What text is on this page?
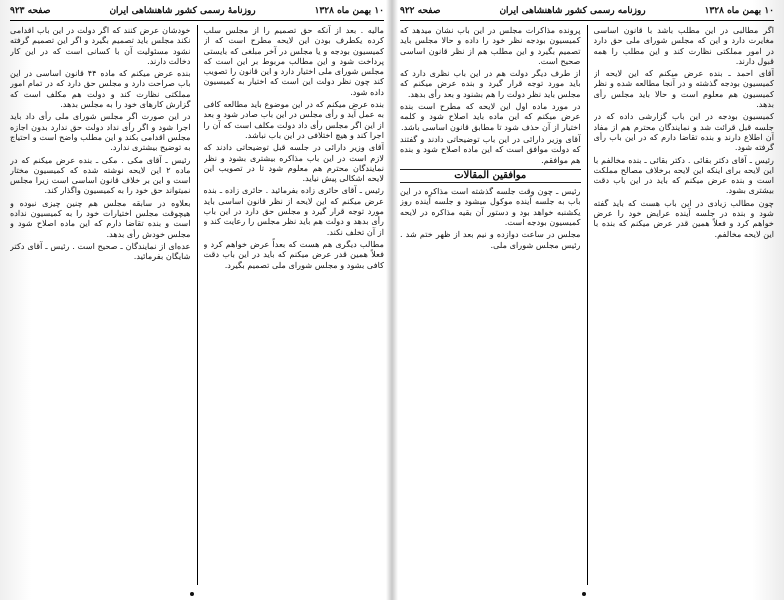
صفحه ۹۲۳	روزنامهٔ رسمی کشور شاهنشاهی ایران	۱۰ بهمن ماه ۱۳۲۸

مالیه . بعد از آنکه حق تصمیم را از مجلس سلب کرده یکطرف بودن این لایحه مطرح است که از کمیسیون بودجه و یا مجلس در آخر مبلغی که بایستی پرداخت شود و این مطالب مربوط بر این است که مجلس شورای ملی اختیار دارد و این قانون را تصویب کند چون نظر دولت این است که اختیار به کمیسیون داده شود.

بنده عرض میکنم که در این موضوع باید مطالعه کافی به عمل آید و رأی مجلس در این باب صادر شود و بعد از این اگر مجلس رأی داد دولت مکلف است که آن را اجرا کند و هیچ اختلافی در این باب نباشد.

آقای وزیر دارائی در جلسه قبل توضیحاتی دادند که لازم است در این باب مذاکره بیشتری بشود و نظر نمایندگان محترم هم معلوم شود تا در تصویب این لایحه اشکالی پیش نیاید.

رئیس ـ آقای حائری زاده بفرمائید . حائری زاده ـ بنده عرض میکنم که این لایحه از نظر قانون اساسی باید مورد توجه قرار گیرد و مجلس حق دارد در این باب رأی بدهد و دولت هم باید نظر مجلس را رعایت کند و از آن تخلف نکند.

مطالب دیگری هم هست که بعداً عرض خواهم کرد و فعلاً همین قدر عرض میکنم که باید در این باب دقت کافی بشود و مجلس شورای ملی تصمیم بگیرد.

خودشان عرض کنند که اگر دولت در این باب اقدامی نکند مجلس باید تصمیم بگیرد و اگر این تصمیم گرفته نشود مسئولیت آن با کسانی است که در این کار دخالت دارند.

بنده عرض میکنم که ماده ۴۴ قانون اساسی در این باب صراحت دارد و مجلس حق دارد که در تمام امور مملکتی نظارت کند و دولت هم مکلف است که گزارش کارهای خود را به مجلس بدهد.

در این صورت اگر مجلس شورای ملی رأی داد باید اجرا شود و اگر رأی نداد دولت حق ندارد بدون اجازه مجلس اقدامی بکند و این مطلب واضح است و احتیاج به توضیح بیشتری ندارد.

رئیس ـ آقای مکی . مکی ـ بنده عرض میکنم که در ماده ۲ این لایحه نوشته شده که کمیسیون مختار است و این بر خلاف قانون اساسی است زیرا مجلس نمیتواند حق خود را به کمیسیون واگذار کند.

بعلاوه در سابقه مجلس هم چنین چیزی نبوده و هیچوقت مجلس اختیارات خود را به کمیسیون نداده است و بنده تقاضا دارم که این ماده اصلاح شود و مجلس خودش رأی بدهد.

عده‌ای از نمایندگان ـ صحیح است . رئیس ـ آقای دکتر شایگان بفرمائید.

صفحه ۹۲۲	روزنامه رسمی کشور شاهنشاهی ایران	۱۰ بهمن ماه ۱۳۲۸

اگر مطالبی در این مطلب باشد با قانون اساسی مغایرت دارد و این که مجلس شورای ملی حق دارد در امور مملکتی نظارت کند و این مطلب را همه قبول دارند.

آقای احمد ـ بنده عرض میکنم که این لایحه از کمیسیون بودجه گذشته و در آنجا مطالعه شده و نظر کمیسیون هم معلوم است و حالا باید مجلس رأی بدهد.

کمیسیون بودجه در این باب گزارشی داده که در جلسه قبل قرائت شد و نمایندگان محترم هم از مفاد آن اطلاع دارند و بنده تقاضا دارم که در این باب رأی گرفته شود.

رئیس ـ آقای دکتر بقائی . دکتر بقائی ـ بنده مخالفم با این لایحه برای اینکه این لایحه برخلاف مصالح مملکت است و بنده عرض میکنم که باید در این باب دقت بیشتری بشود.

چون مطالب زیادی در این باب هست که باید گفته شود و بنده در جلسه آینده عرایض خود را عرض خواهم کرد و فعلاً همین قدر عرض میکنم که بنده با این لایحه مخالفم.

پرونده مذاکرات مجلس در این باب نشان میدهد که کمیسیون بودجه نظر خود را داده و حالا مجلس باید تصمیم بگیرد و این مطلب هم از نظر قانون اساسی صحیح است.

از طرف دیگر دولت هم در این باب نظری دارد که باید مورد توجه قرار گیرد و بنده عرض میکنم که مجلس باید نظر دولت را هم بشنود و بعد رأی بدهد.

در مورد ماده اول این لایحه که مطرح است بنده عرض میکنم که این ماده باید اصلاح شود و کلمه اختیار از آن حذف شود تا مطابق قانون اساسی باشد.

آقای وزیر دارائی در این باب توضیحاتی دادند و گفتند که دولت موافق است که این ماده اصلاح شود و بنده هم موافقم.

موافقین المقالات

رئیس ـ چون وقت جلسه گذشته است مذاکره در این باب به جلسه آینده موکول میشود و جلسه آینده روز یکشنبه خواهد بود و دستور آن بقیه مذاکره در لایحه کمیسیون بودجه است.

مجلس در ساعت دوازده و نیم بعد از ظهر ختم شد . رئیس مجلس شورای ملی.
